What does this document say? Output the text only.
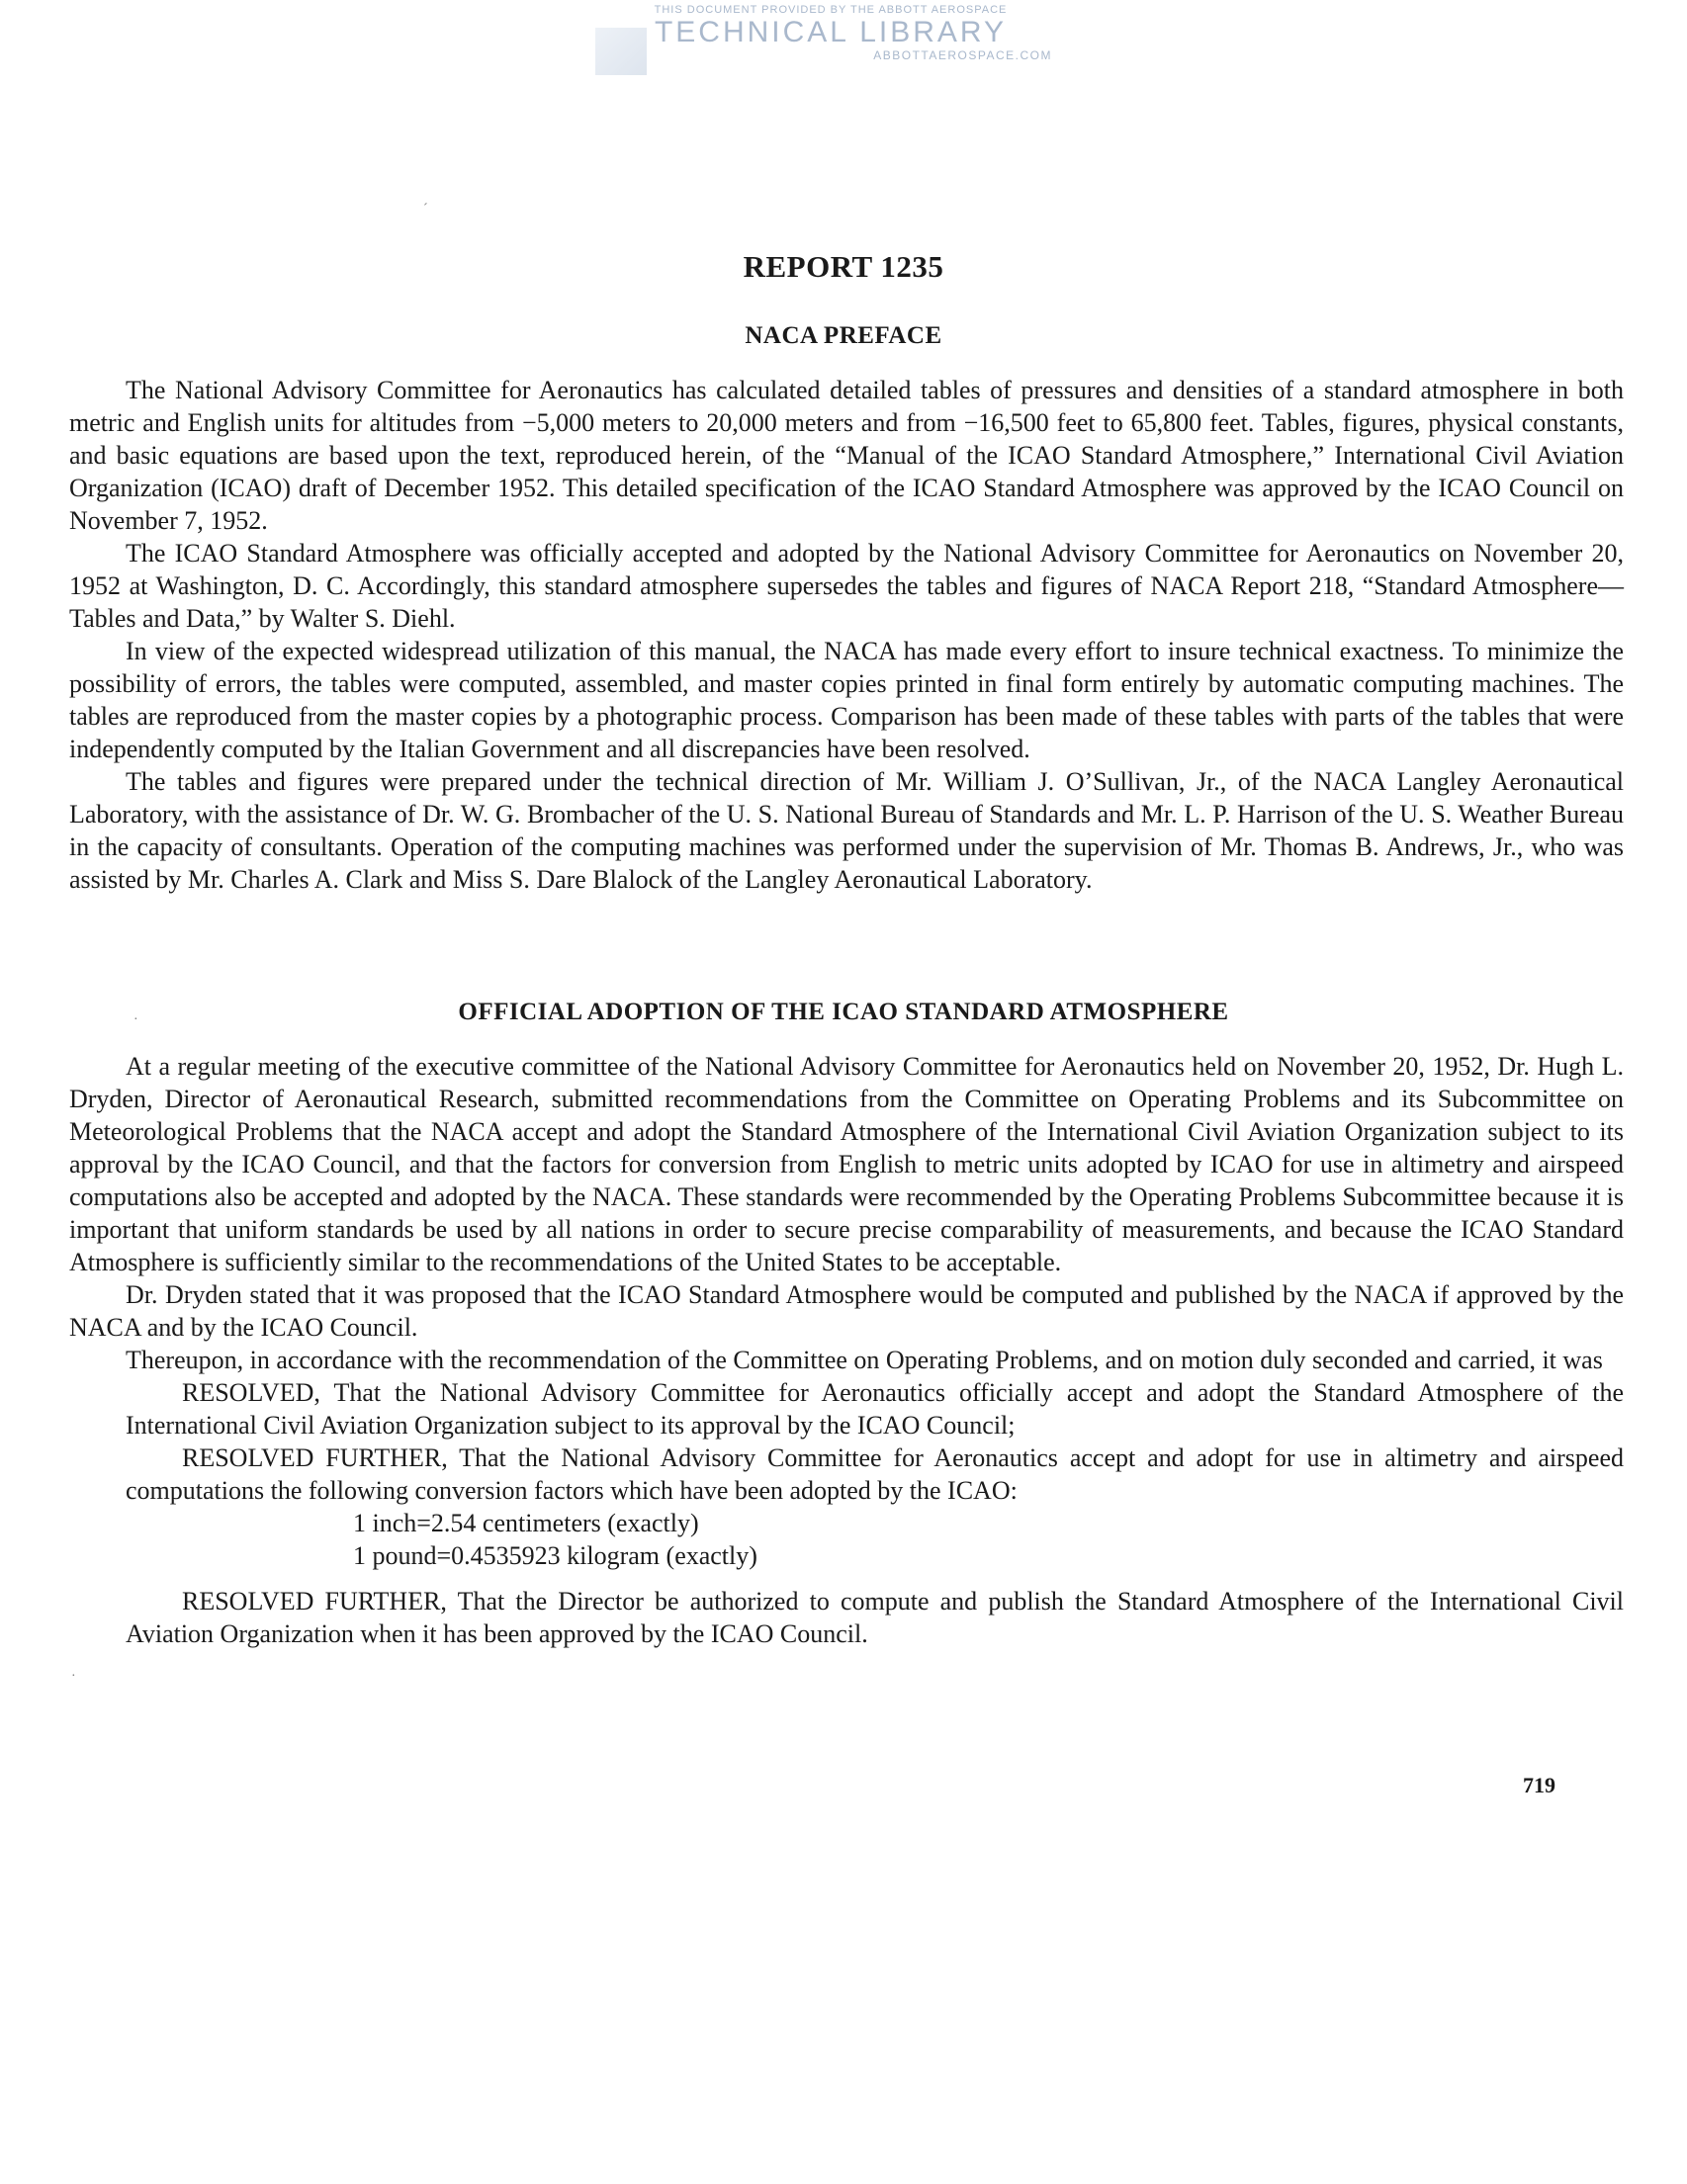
THIS DOCUMENT PROVIDED BY THE ABBOTT AEROSPACE
TECHNICAL LIBRARY
ABBOTTAEROSPACE.COM
´
·
·
REPORT 1235
NACA PREFACE

The National Advisory Committee for Aeronautics has calculated detailed tables of pressures and densities of a standard atmosphere in both metric and English units for altitudes from −5,000 meters to 20,000 meters and from −16,500 feet to 65,800 feet. Tables, figures, physical constants, and basic equations are based upon the text, reproduced herein, of the “Manual of the ICAO Standard Atmosphere,” International Civil Aviation Organization (ICAO) draft of December 1952. This detailed specification of the ICAO Standard Atmosphere was approved by the ICAO Council on November 7, 1952.

The ICAO Standard Atmosphere was officially accepted and adopted by the National Advisory Committee for Aeronautics on November 20, 1952 at Washington, D. C. Accordingly, this standard atmosphere supersedes the tables and figures of NACA Report 218, “Standard Atmosphere—Tables and Data,” by Walter S. Diehl.

In view of the expected widespread utilization of this manual, the NACA has made every effort to insure technical exactness. To minimize the possibility of errors, the tables were computed, assembled, and master copies printed in final form entirely by automatic computing machines. The tables are reproduced from the master copies by a photographic process. Comparison has been made of these tables with parts of the tables that were independently computed by the Italian Government and all discrepancies have been resolved.

The tables and figures were prepared under the technical direction of Mr. William J. O’Sullivan, Jr., of the NACA Langley Aeronautical Laboratory, with the assistance of Dr. W. G. Brombacher of the U. S. National Bureau of Standards and Mr. L. P. Harrison of the U. S. Weather Bureau in the capacity of consultants. Operation of the computing machines was performed under the supervision of Mr. Thomas B. Andrews, Jr., who was assisted by Mr. Charles A. Clark and Miss S. Dare Blalock of the Langley Aeronautical Laboratory.

OFFICIAL ADOPTION OF THE ICAO STANDARD ATMOSPHERE

At a regular meeting of the executive committee of the National Advisory Committee for Aeronautics held on November 20, 1952, Dr. Hugh L. Dryden, Director of Aeronautical Research, submitted recommendations from the Committee on Operating Problems and its Subcommittee on Meteorological Problems that the NACA accept and adopt the Standard Atmosphere of the International Civil Aviation Organization subject to its approval by the ICAO Council, and that the factors for conversion from English to metric units adopted by ICAO for use in altimetry and airspeed computations also be accepted and adopted by the NACA. These standards were recommended by the Operating Problems Subcommittee because it is important that uniform standards be used by all nations in order to secure precise comparability of measurements, and because the ICAO Standard Atmosphere is sufficiently similar to the recommendations of the United States to be acceptable.

Dr. Dryden stated that it was proposed that the ICAO Standard Atmosphere would be computed and published by the NACA if approved by the NACA and by the ICAO Council.

Thereupon, in accordance with the recommendation of the Committee on Operating Problems, and on motion duly seconded and carried, it was

RESOLVED, That the National Advisory Committee for Aeronautics officially accept and adopt the Standard Atmosphere of the International Civil Aviation Organization subject to its approval by the ICAO Council;

RESOLVED FURTHER, That the National Advisory Committee for Aeronautics accept and adopt for use in altimetry and airspeed computations the following conversion factors which have been adopted by the ICAO:

1 inch=2.54 centimeters (exactly)

1 pound=0.4535923 kilogram (exactly)

RESOLVED FURTHER, That the Director be authorized to compute and publish the Standard Atmosphere of the International Civil Aviation Organization when it has been approved by the ICAO Council.

719
